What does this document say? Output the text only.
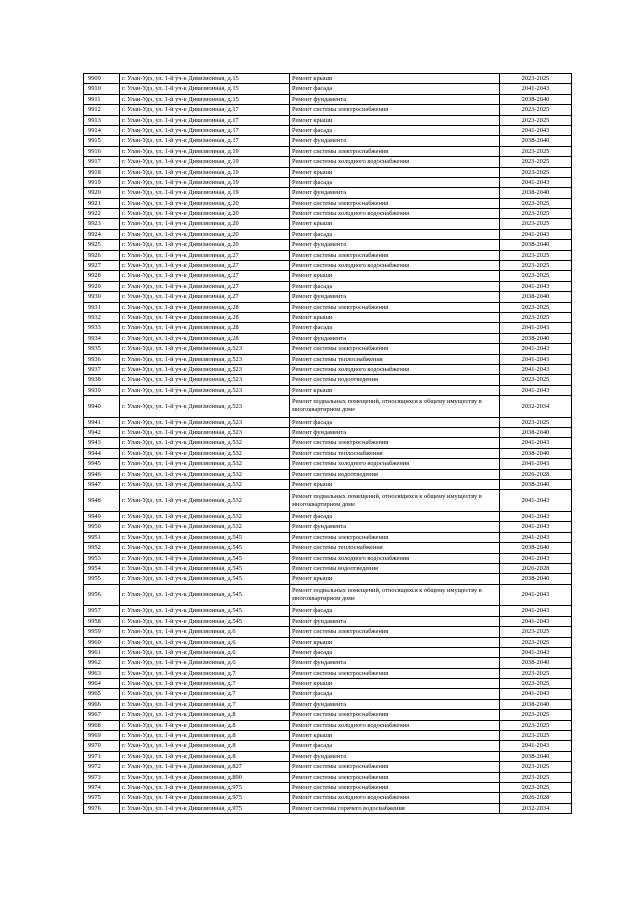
9909	г. Улан-Удэ, ул. 1-й уч-к Дивизионная, д.15	Ремонт крыши	2023-2025
9910	г. Улан-Удэ, ул. 1-й уч-к Дивизионная, д.15	Ремонт фасада	2041-2043
9911	г. Улан-Удэ, ул. 1-й уч-к Дивизионная, д.15	Ремонт фундамента	2038-2040
9912	г. Улан-Удэ, ул. 1-й уч-к Дивизионная, д.17	Ремонт системы электроснабжения	2023-2025
9913	г. Улан-Удэ, ул. 1-й уч-к Дивизионная, д.17	Ремонт крыши	2023-2025
9914	г. Улан-Удэ, ул. 1-й уч-к Дивизионная, д.17	Ремонт фасада	2041-2043
9915	г. Улан-Удэ, ул. 1-й уч-к Дивизионная, д.17	Ремонт фундамента	2038-2040
9916	г. Улан-Удэ, ул. 1-й уч-к Дивизионная, д.19	Ремонт системы электроснабжения	2023-2025
9917	г. Улан-Удэ, ул. 1-й уч-к Дивизионная, д.19	Ремонт системы холодного водоснабжения	2023-2025
9918	г. Улан-Удэ, ул. 1-й уч-к Дивизионная, д.19	Ремонт крыши	2023-2025
9919	г. Улан-Удэ, ул. 1-й уч-к Дивизионная, д.19	Ремонт фасада	2041-2043
9920	г. Улан-Удэ, ул. 1-й уч-к Дивизионная, д.19	Ремонт фундамента	2038-2040
9921	г. Улан-Удэ, ул. 1-й уч-к Дивизионная, д.20	Ремонт системы электроснабжения	2023-2025
9922	г. Улан-Удэ, ул. 1-й уч-к Дивизионная, д.20	Ремонт системы холодного водоснабжения	2023-2025
9923	г. Улан-Удэ, ул. 1-й уч-к Дивизионная, д.20	Ремонт крыши	2023-2025
9924	г. Улан-Удэ, ул. 1-й уч-к Дивизионная, д.20	Ремонт фасада	2041-2043
9925	г. Улан-Удэ, ул. 1-й уч-к Дивизионная, д.20	Ремонт фундамента	2038-2040
9926	г. Улан-Удэ, ул. 1-й уч-к Дивизионная, д.27	Ремонт системы электроснабжения	2023-2025
9927	г. Улан-Удэ, ул. 1-й уч-к Дивизионная, д.27	Ремонт системы холодного водоснабжения	2023-2025
9928	г. Улан-Удэ, ул. 1-й уч-к Дивизионная, д.27	Ремонт крыши	2023-2025
9929	г. Улан-Удэ, ул. 1-й уч-к Дивизионная, д.27	Ремонт фасада	2041-2043
9930	г. Улан-Удэ, ул. 1-й уч-к Дивизионная, д.27	Ремонт фундамента	2038-2040
9931	г. Улан-Удэ, ул. 1-й уч-к Дивизионная, д.28	Ремонт системы электроснабжения	2023-2025
9932	г. Улан-Удэ, ул. 1-й уч-к Дивизионная, д.28	Ремонт крыши	2023-2025
9933	г. Улан-Удэ, ул. 1-й уч-к Дивизионная, д.28	Ремонт фасада	2041-2043
9934	г. Улан-Удэ, ул. 1-й уч-к Дивизионная, д.28	Ремонт фундамента	2038-2040
9935	г. Улан-Удэ, ул. 1-й уч-к Дивизионная, д.523	Ремонт системы электроснабжения	2041-2043
9936	г. Улан-Удэ, ул. 1-й уч-к Дивизионная, д.523	Ремонт системы теплоснабжения	2041-2043
9937	г. Улан-Удэ, ул. 1-й уч-к Дивизионная, д.523	Ремонт системы холодного водоснабжения	2041-2043
9938	г. Улан-Удэ, ул. 1-й уч-к Дивизионная, д.523	Ремонт системы водоотведения	2023-2025
9939	г. Улан-Удэ, ул. 1-й уч-к Дивизионная, д.523	Ремонт крыши	2041-2043
9940	г. Улан-Удэ, ул. 1-й уч-к Дивизионная, д.523	Ремонт подвальных помещений, относящихся к общему имуществу в многоквартирном доме	2032-2034
9941	г. Улан-Удэ, ул. 1-й уч-к Дивизионная, д.523	Ремонт фасада	2023-2025
9942	г. Улан-Удэ, ул. 1-й уч-к Дивизионная, д.523	Ремонт фундамента	2038-2040
9943	г. Улан-Удэ, ул. 1-й уч-к Дивизионная, д.532	Ремонт системы электроснабжения	2041-2043
9944	г. Улан-Удэ, ул. 1-й уч-к Дивизионная, д.532	Ремонт системы теплоснабжения	2038-2040
9945	г. Улан-Удэ, ул. 1-й уч-к Дивизионная, д.532	Ремонт системы холодного водоснабжения	2041-2043
9946	г. Улан-Удэ, ул. 1-й уч-к Дивизионная, д.532	Ремонт системы водоотведения	2026-2028
9947	г. Улан-Удэ, ул. 1-й уч-к Дивизионная, д.532	Ремонт крыши	2038-2040
9948	г. Улан-Удэ, ул. 1-й уч-к Дивизионная, д.532	Ремонт подвальных помещений, относящихся к общему имуществу в многоквартирном доме	2041-2043
9949	г. Улан-Удэ, ул. 1-й уч-к Дивизионная, д.532	Ремонт фасада	2041-2043
9950	г. Улан-Удэ, ул. 1-й уч-к Дивизионная, д.532	Ремонт фундамента	2041-2043
9951	г. Улан-Удэ, ул. 1-й уч-к Дивизионная, д.545	Ремонт системы электроснабжения	2041-2043
9952	г. Улан-Удэ, ул. 1-й уч-к Дивизионная, д.545	Ремонт системы теплоснабжения	2038-2040
9953	г. Улан-Удэ, ул. 1-й уч-к Дивизионная, д.545	Ремонт системы холодного водоснабжения	2041-2043
9954	г. Улан-Удэ, ул. 1-й уч-к Дивизионная, д.545	Ремонт системы водоотведения	2026-2028
9955	г. Улан-Удэ, ул. 1-й уч-к Дивизионная, д.545	Ремонт крыши	2038-2040
9956	г. Улан-Удэ, ул. 1-й уч-к Дивизионная, д.545	Ремонт подвальных помещений, относящихся к общему имуществу в многоквартирном доме	2041-2043
9957	г. Улан-Удэ, ул. 1-й уч-к Дивизионная, д.545	Ремонт фасада	2041-2043
9958	г. Улан-Удэ, ул. 1-й уч-к Дивизионная, д.545	Ремонт фундамента	2041-2043
9959	г. Улан-Удэ, ул. 1-й уч-к Дивизионная, д.6	Ремонт системы электроснабжения	2023-2025
9960	г. Улан-Удэ, ул. 1-й уч-к Дивизионная, д.6	Ремонт крыши	2023-2025
9961	г. Улан-Удэ, ул. 1-й уч-к Дивизионная, д.6	Ремонт фасада	2041-2043
9962	г. Улан-Удэ, ул. 1-й уч-к Дивизионная, д.6	Ремонт фундамента	2038-2040
9963	г. Улан-Удэ, ул. 1-й уч-к Дивизионная, д.7	Ремонт системы электроснабжения	2023-2025
9964	г. Улан-Удэ, ул. 1-й уч-к Дивизионная, д.7	Ремонт крыши	2023-2025
9965	г. Улан-Удэ, ул. 1-й уч-к Дивизионная, д.7	Ремонт фасада	2041-2043
9966	г. Улан-Удэ, ул. 1-й уч-к Дивизионная, д.7	Ремонт фундамента	2038-2040
9967	г. Улан-Удэ, ул. 1-й уч-к Дивизионная, д.8	Ремонт системы электроснабжения	2023-2025
9968	г. Улан-Удэ, ул. 1-й уч-к Дивизионная, д.8	Ремонт системы холодного водоснабжения	2023-2025
9969	г. Улан-Удэ, ул. 1-й уч-к Дивизионная, д.8	Ремонт крыши	2023-2025
9970	г. Улан-Удэ, ул. 1-й уч-к Дивизионная, д.8	Ремонт фасада	2041-2043
9971	г. Улан-Удэ, ул. 1-й уч-к Дивизионная, д.8	Ремонт фундамента	2038-2040
9972	г. Улан-Удэ, ул. 1-й уч-к Дивизионная, д.827	Ремонт системы электроснабжения	2023-2025
9973	г. Улан-Удэ, ул. 1-й уч-к Дивизионная, д.890	Ремонт системы электроснабжения	2023-2025
9974	г. Улан-Удэ, ул. 1-й уч-к Дивизионная, д.975	Ремонт системы электроснабжения	2023-2025
9975	г. Улан-Удэ, ул. 1-й уч-к Дивизионная, д.975	Ремонт системы холодного водоснабжения	2026-2028
9976	г. Улан-Удэ, ул. 1-й уч-к Дивизионная, д.975	Ремонт системы горячего водоснабжения	2032-2034
